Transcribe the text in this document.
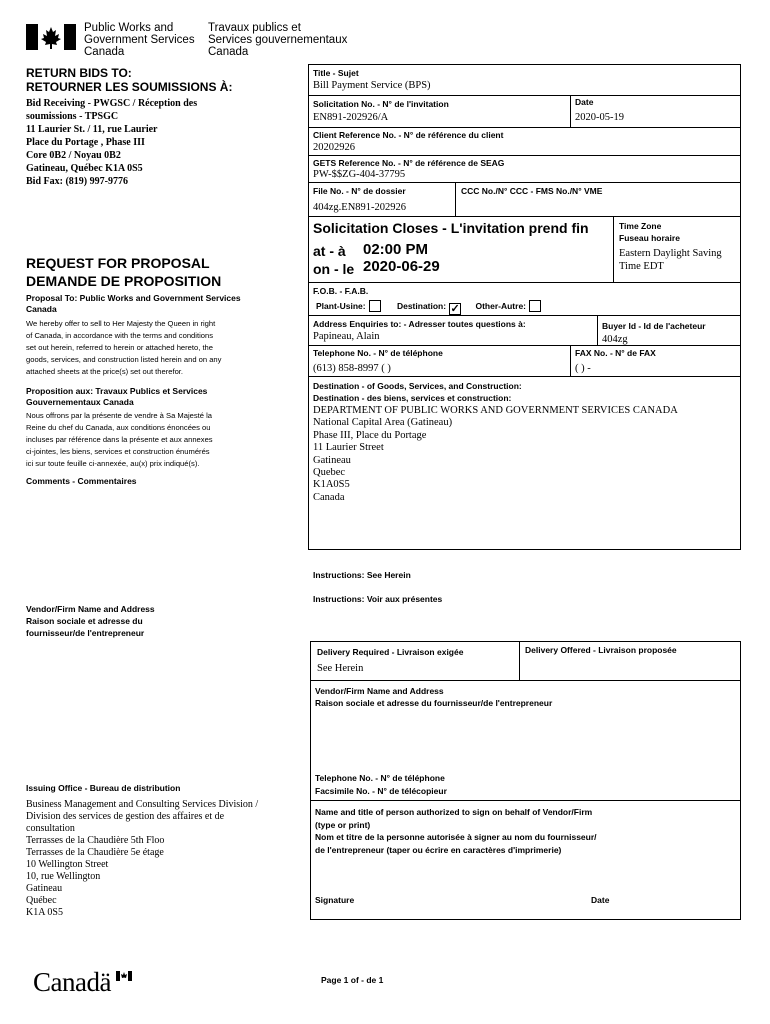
Public Works and
Government Services
Canada
Travaux publics et
Services gouvernementaux
Canada
RETURN BIDS TO:
RETOURNER LES SOUMISSIONS À:
Bid Receiving - PWGSC / Réception des
soumissions - TPSGC
11 Laurier St. / 11, rue Laurier
Place du Portage , Phase III
Core 0B2 / Noyau 0B2
Gatineau, Québec K1A 0S5
Bid Fax: (819) 997-9776
REQUEST FOR PROPOSAL
DEMANDE DE PROPOSITION
Proposal To: Public Works and Government Services Canada
We hereby offer to sell to Her Majesty the Queen in right
of Canada, in accordance with the terms and conditions
set out herein, referred to herein or attached hereto, the
goods, services, and construction listed herein and on any
attached sheets at the price(s) set out therefor.
Proposition aux: Travaux Publics et Services Gouvernementaux Canada
Nous offrons par la présente de vendre à Sa Majesté la
Reine du chef du Canada, aux conditions énoncées ou
incluses par référence dans la présente et aux annexes
ci-jointes, les biens, services et construction énumérés
ici sur toute feuille ci-annexée, au(x) prix indiqué(s).
Comments - Commentaires
Vendor/Firm Name and Address
Raison sociale et adresse du
fournisseur/de l'entrepreneur
Issuing Office - Bureau de distribution
Business Management and Consulting Services Division /
Division des services de gestion des affaires et de
consultation
Terrasses de la Chaudière 5th Floo
Terrasses de la Chaudière 5e étage
10 Wellington Street
10, rue Wellington
Gatineau
Québec
K1A 0S5
Title - Sujet
Bill Payment Service (BPS)
Solicitation No. - N° de l'invitation
EN891-202926/A
Date
2020-05-19
Client Reference No. - N° de référence du client
20202926
GETS Reference No. - N° de référence de SEAG
PW-$$ZG-404-37795
File No. - N° de dossier
404zg.EN891-202926
CCC No./N° CCC - FMS No./N° VME
Solicitation Closes - L'invitation prend fin
at - à 02:00 PM
on - le 2020-06-29
Time Zone
Fuseau horaire
Eastern Daylight Saving
Time EDT
F.O.B. - F.A.B.
Plant-Usine:	Destination: ✓ Other-Autre:
Address Enquiries to: - Adresser toutes questions à:
Papineau, Alain
Buyer Id - Id de l'acheteur
404zg
Telephone No. - N° de téléphone
(613) 858-8997 ( )
FAX No. - N° de FAX
( ) -
Destination - of Goods, Services, and Construction:
Destination - des biens, services et construction:
DEPARTMENT OF PUBLIC WORKS AND GOVERNMENT SERVICES CANADA
National Capital Area (Gatineau)
Phase III, Place du Portage
11 Laurier Street
Gatineau
Quebec
K1A0S5
Canada
Instructions: See Herein
Instructions: Voir aux présentes
Delivery Required - Livraison exigée
See Herein
Delivery Offered - Livraison proposée
Vendor/Firm Name and Address
Raison sociale et adresse du fournisseur/de l'entrepreneur
Telephone No. - N° de téléphone
Facsimile No. - N° de télécopieur
Name and title of person authorized to sign on behalf of Vendor/Firm
(type or print)
Nom et titre de la personne autorisée à signer au nom du fournisseur/
de l'entrepreneur (taper ou écrire en caractères d'imprimerie)
Signature	Date
Canadä	Page 1 of - de 1
